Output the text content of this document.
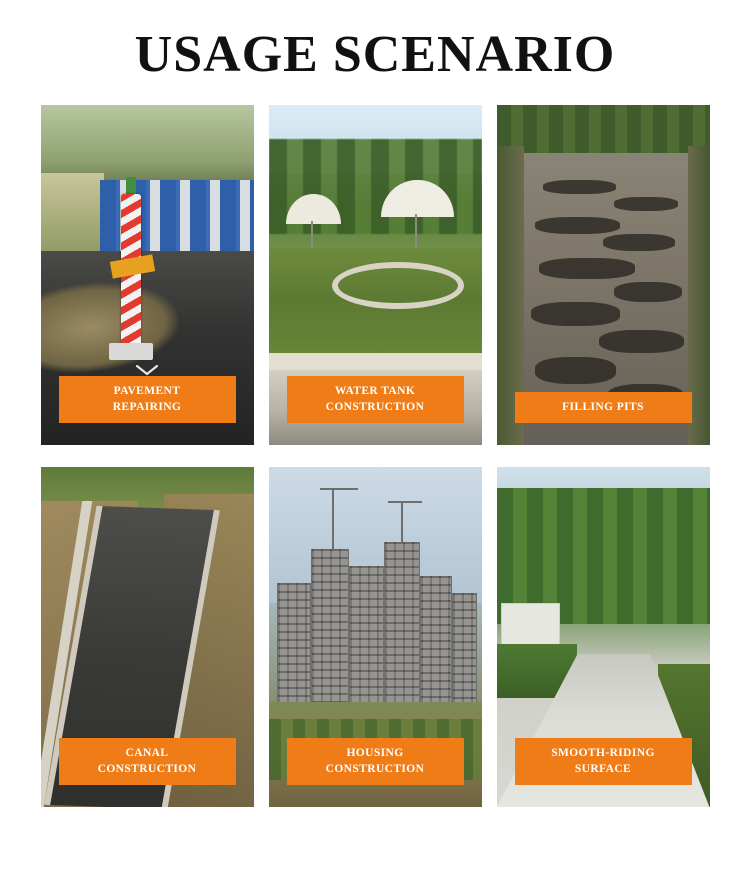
USAGE SCENARIO
PAVEMENT
REPAIRING
WATER TANK
CONSTRUCTION	FILLING PITS
CANAL
CONSTRUCTION
HOUSING
CONSTRUCTION
SMOOTH-RIDING
SURFACE
